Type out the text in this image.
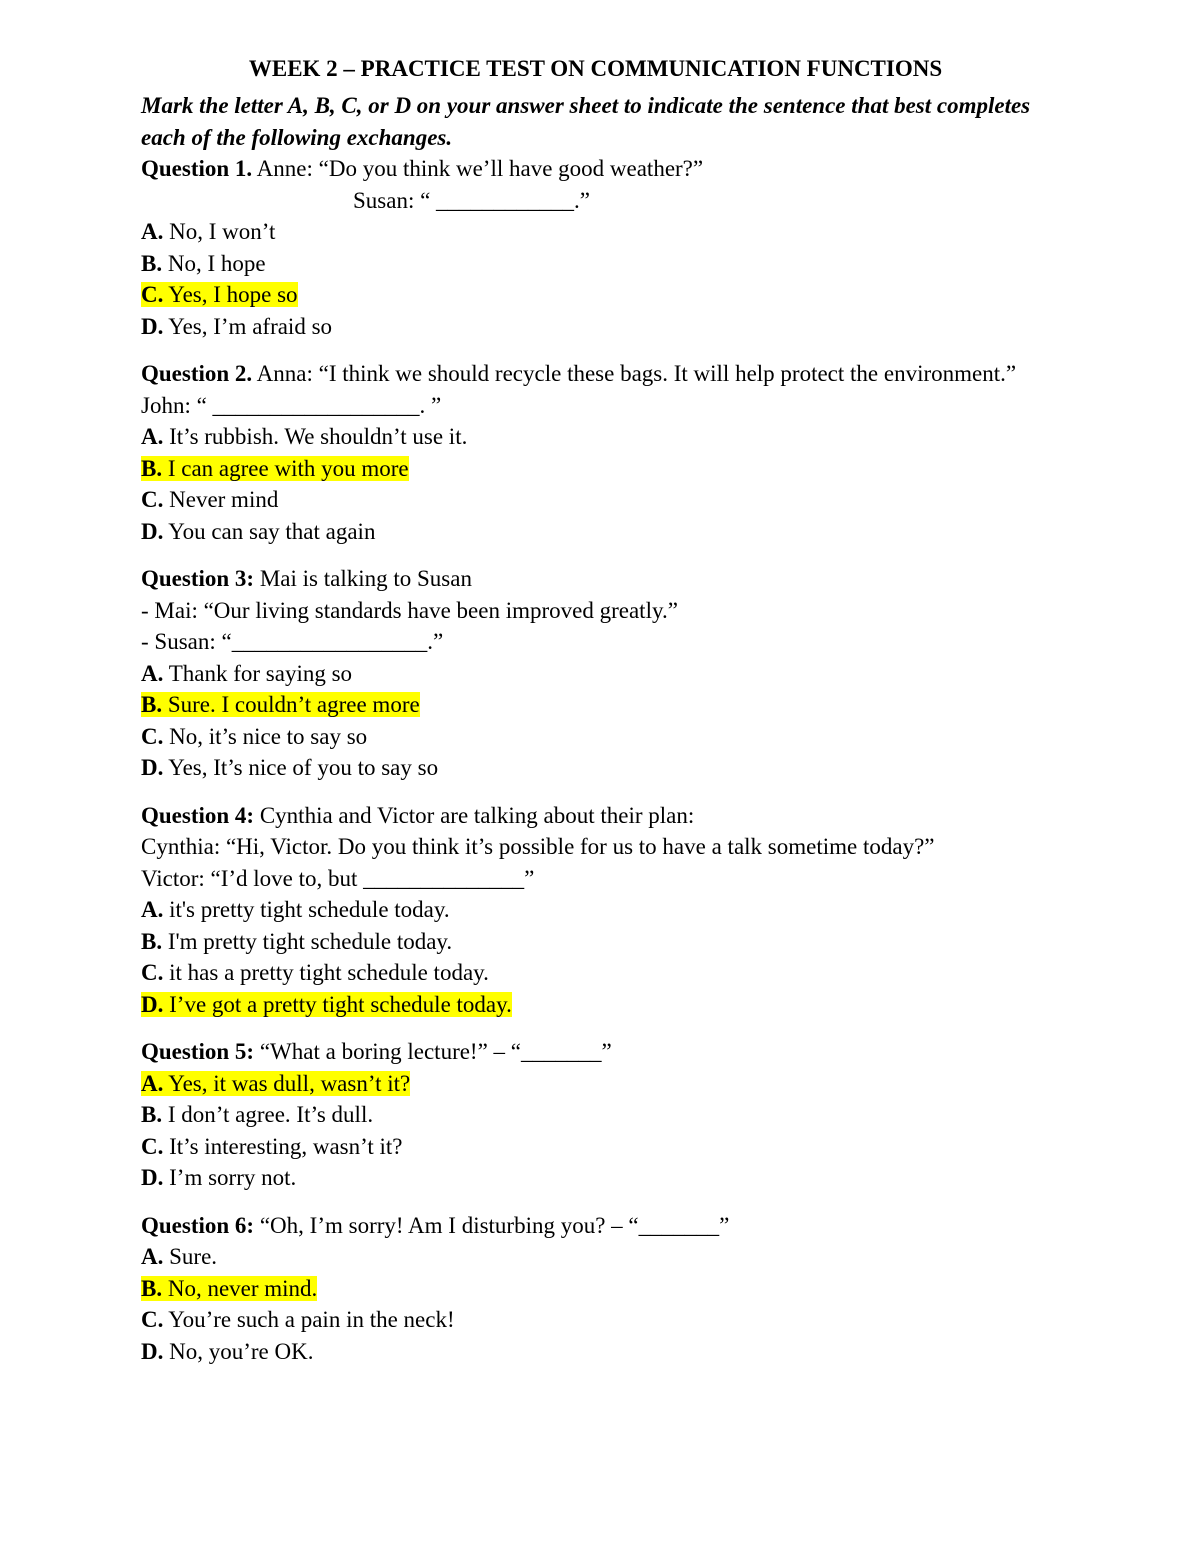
WEEK 2 – PRACTICE TEST ON COMMUNICATION FUNCTIONS

Mark the letter A, B, C, or D on your answer sheet to indicate the sentence that best completes each of the following exchanges.

Question 1. Anne: “Do you think we’ll have good weather?”
Susan: “ ____________.”
A. No, I won’t
B. No, I hope
C. Yes, I hope so
D. Yes, I’m afraid so
Question 2. Anna: “I think we should recycle these bags. It will help protect the environment.”
John: “ __________________. ”
A. It’s rubbish. We shouldn’t use it.
B. I can agree with you more
C. Never mind
D. You can say that again
Question 3: Mai is talking to Susan
- Mai: “Our living standards have been improved greatly.”
- Susan: “_________________.”
A. Thank for saying so
B. Sure. I couldn’t agree more
C. No, it’s nice to say so
D. Yes, It’s nice of you to say so
Question 4: Cynthia and Victor are talking about their plan:
Cynthia: “Hi, Victor. Do you think it’s possible for us to have a talk sometime today?”
Victor: “I’d love to, but ______________”
A. it's pretty tight schedule today.
B. I'm pretty tight schedule today.
C. it has a pretty tight schedule today.
D. I’ve got a pretty tight schedule today.
Question 5: “What a boring lecture!” – “_______”
A. Yes, it was dull, wasn’t it?
B. I don’t agree. It’s dull.
C. It’s interesting, wasn’t it?
D. I’m sorry not.
Question 6: “Oh, I’m sorry! Am I disturbing you? – “_______”
A. Sure.
B. No, never mind.
C. You’re such a pain in the neck!
D. No, you’re OK.
